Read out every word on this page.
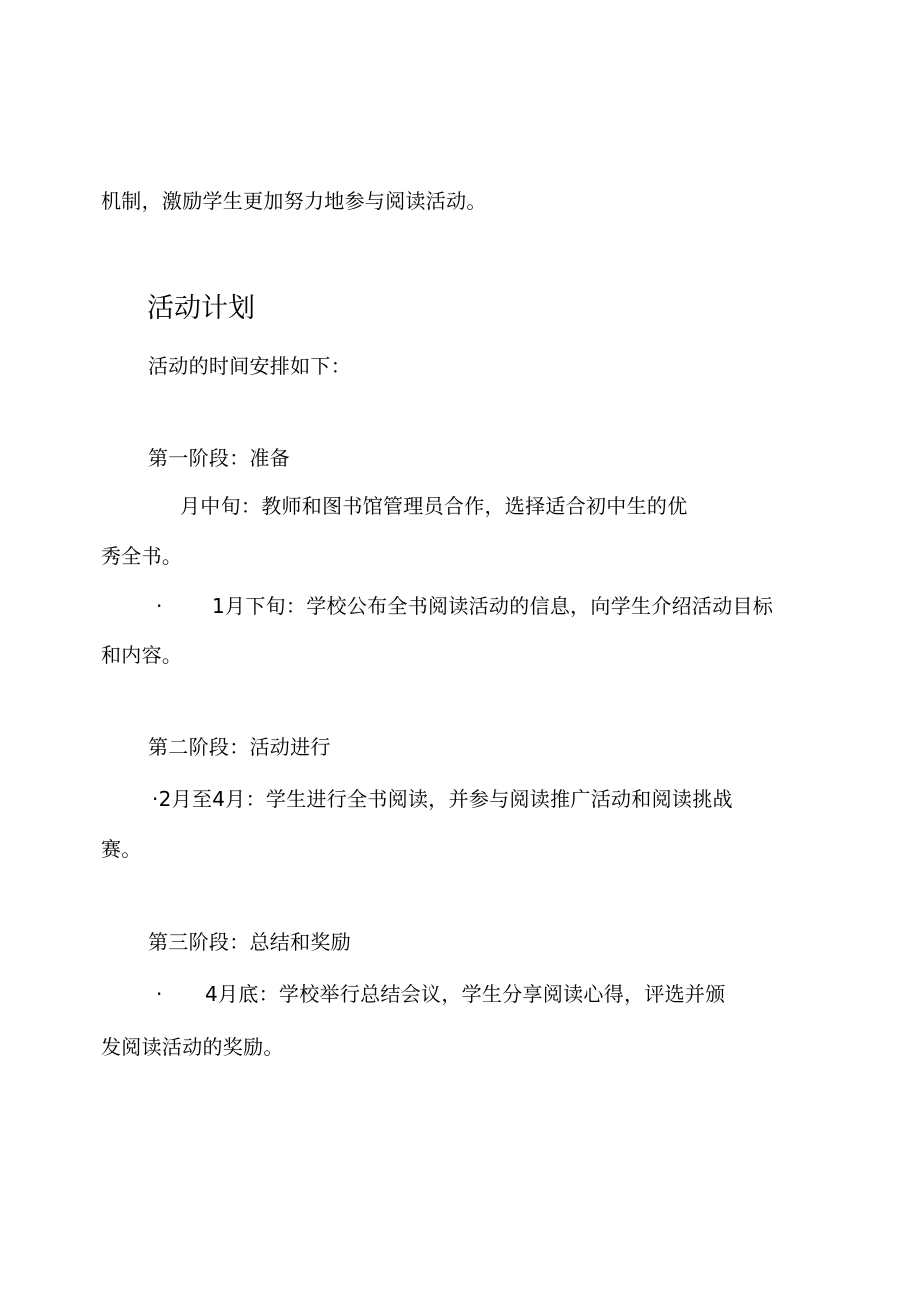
机制，激励学生更加努力地参与阅读活动。
活动计划
活动的时间安排如下：
第一阶段：准备
月中旬：教师和图书馆管理员合作，选择适合初中生的优
秀全书。
· 1月下旬：学校公布全书阅读活动的信息，向学生介绍活动目标
和内容。
第二阶段：活动进行
·2月至4月：学生进行全书阅读，并参与阅读推广活动和阅读挑战
赛。
第三阶段：总结和奖励
· 4月底：学校举行总结会议，学生分享阅读心得，评选并颁
发阅读活动的奖励。
